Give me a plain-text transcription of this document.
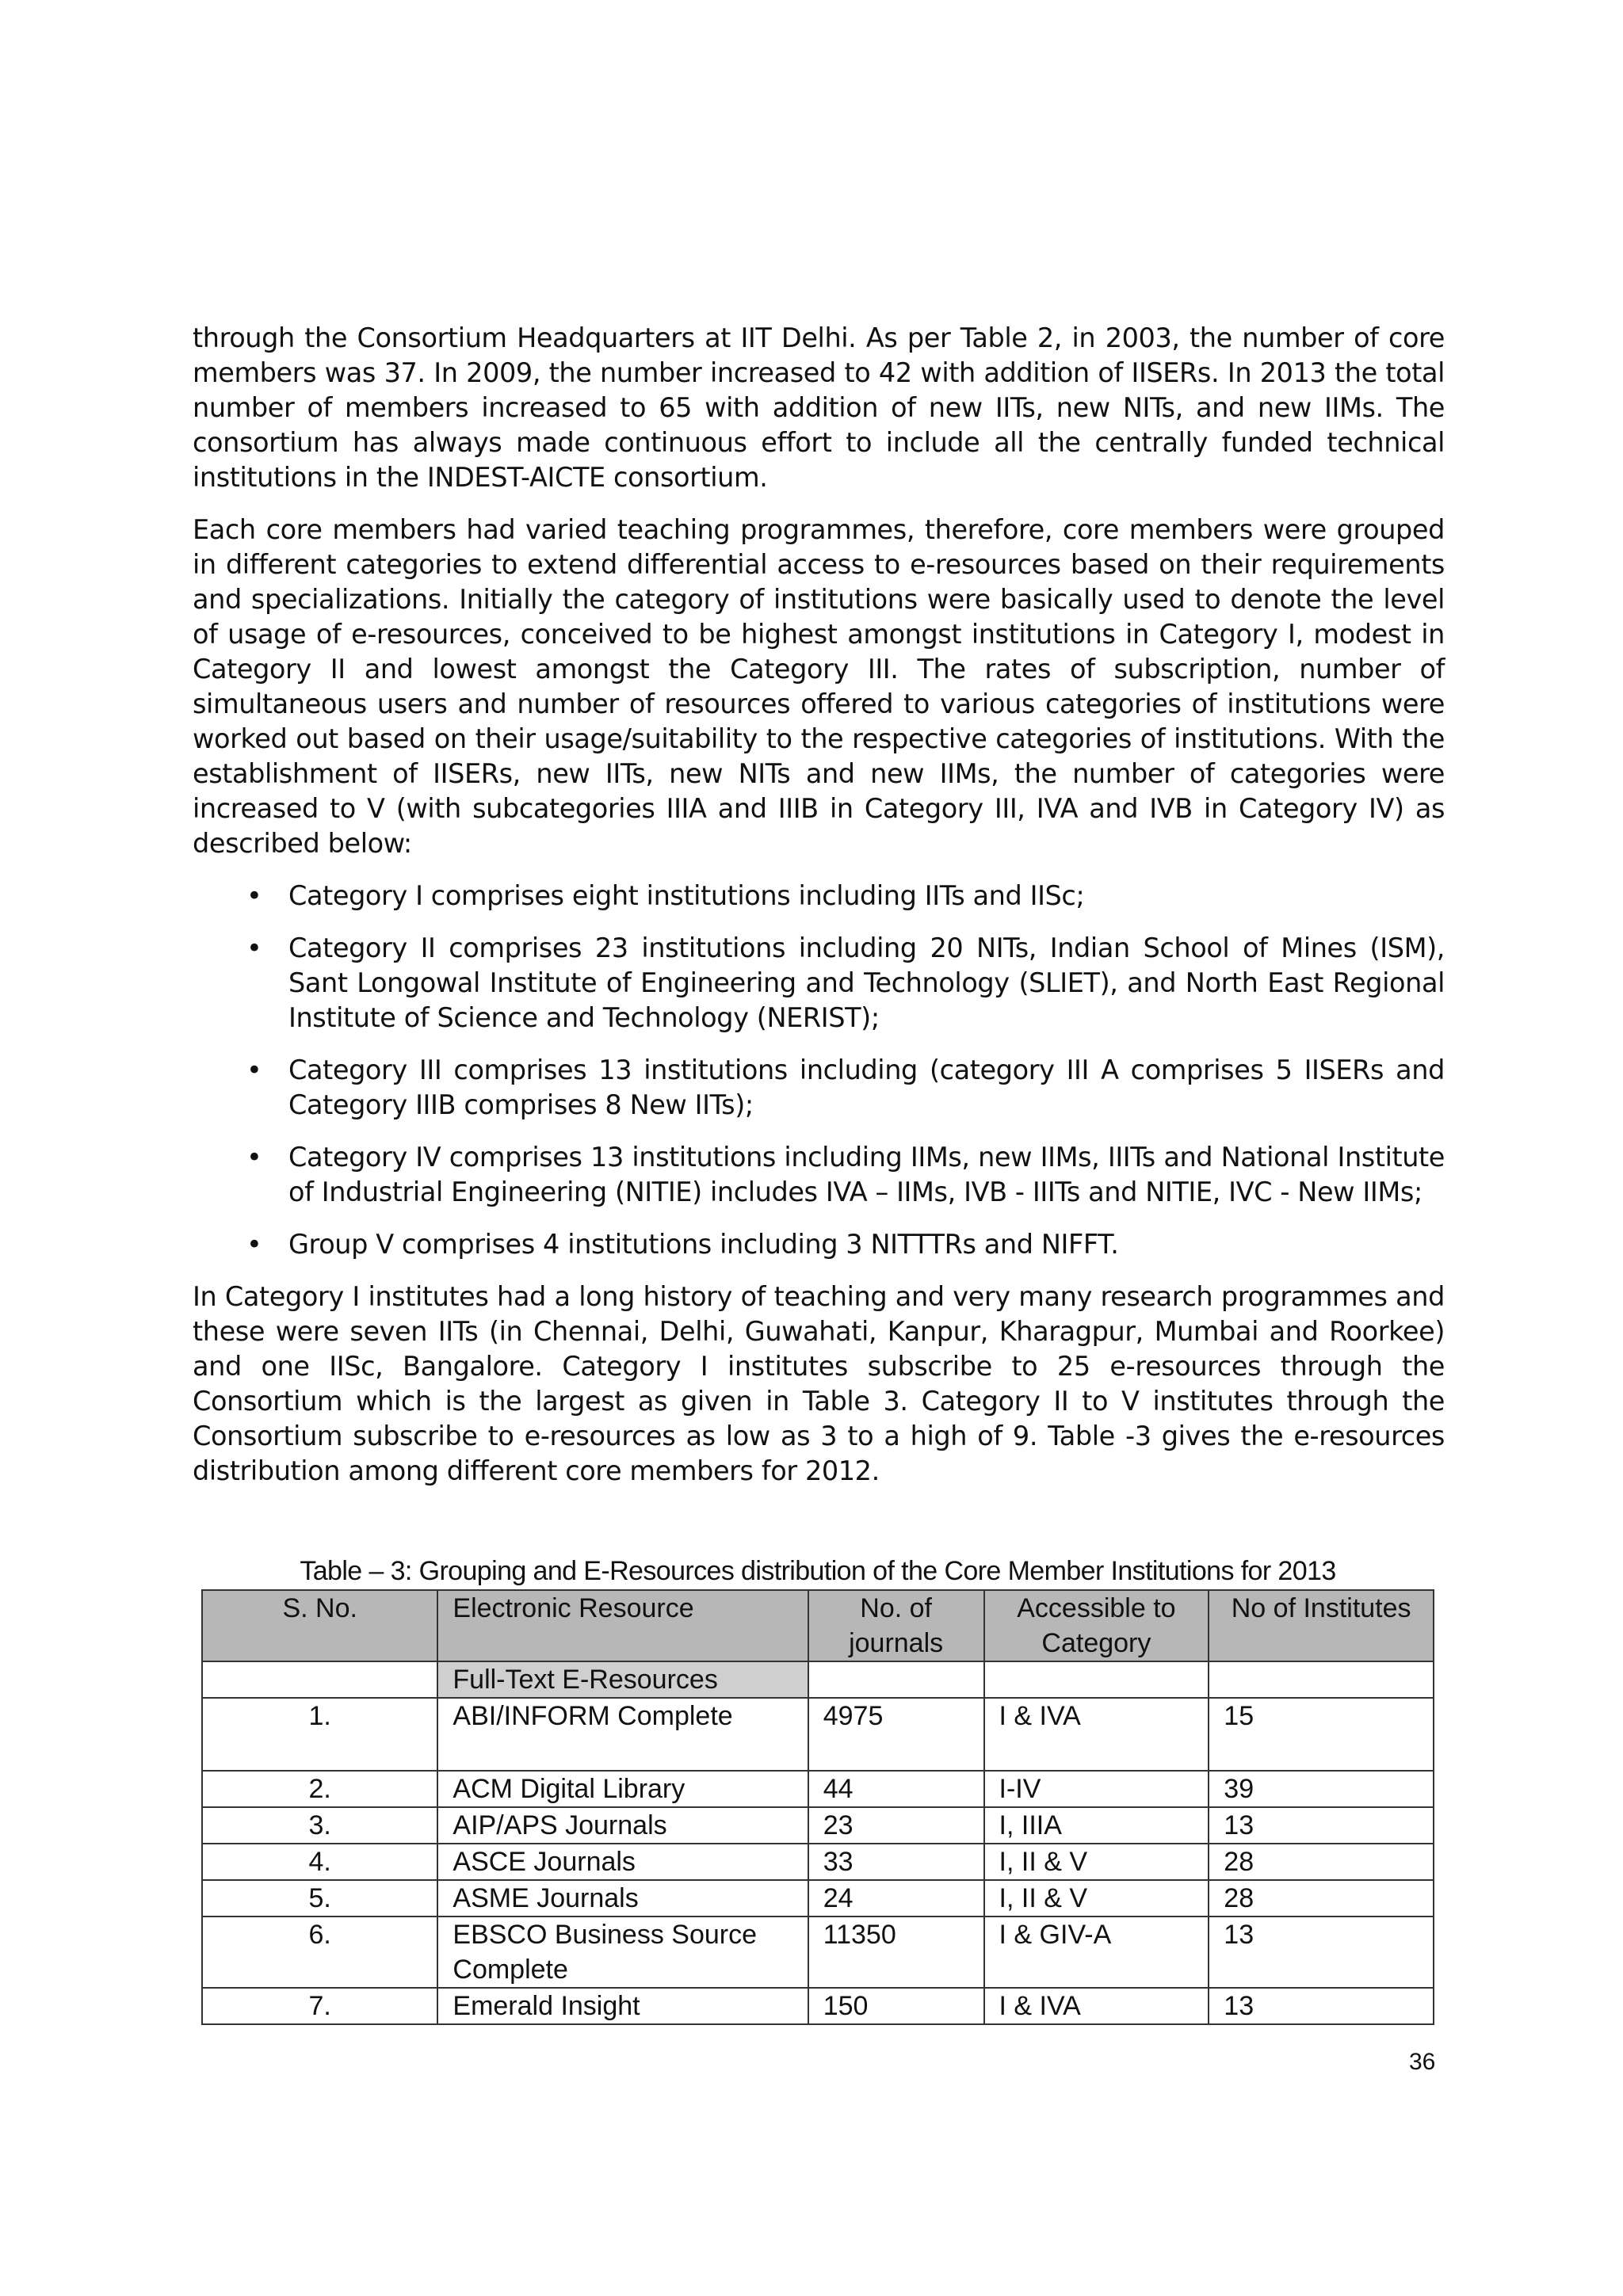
through the Consortium Headquarters at IIT Delhi. As per Table 2, in 2003, the number of core members was 37. In 2009, the number increased to 42 with addition of IISERs. In 2013 the total number of members increased to 65 with addition of new IITs, new NITs, and new IIMs. The consortium has always made continuous effort to include all the centrally funded technical institutions in the INDEST-AICTE consortium.

Each core members had varied teaching programmes, therefore, core members were grouped in different categories to extend differential access to e-resources based on their requirements and specializations. Initially the category of institutions were basically used to denote the level of usage of e-resources, conceived to be highest amongst institutions in Category I, modest in Category II and lowest amongst the Category III. The rates of subscription, number of simultaneous users and number of resources offered to various categories of institutions were worked out based on their usage/suitability to the respective categories of institutions. With the establishment of IISERs, new IITs, new NITs and new IIMs, the number of categories were increased to V (with subcategories IIIA and IIIB in Category III, IVA and IVB in Category IV) as described below:

• Category I comprises eight institutions including IITs and IISc;
• Category II comprises 23 institutions including 20 NITs, Indian School of Mines (ISM), Sant Longowal Institute of Engineering and Technology (SLIET), and North East Regional Institute of Science and Technology (NERIST);
• Category III comprises 13 institutions including (category III A comprises 5 IISERs and Category IIIB comprises 8 New IITs);
• Category IV comprises 13 institutions including IIMs, new IIMs, IIITs and National Institute of Industrial Engineering (NITIE) includes IVA – IIMs, IVB - IIITs and NITIE, IVC - New IIMs;
• Group V comprises 4 institutions including 3 NITTTRs and NIFFT.

In Category I institutes had a long history of teaching and very many research programmes and these were seven IITs (in Chennai, Delhi, Guwahati, Kanpur, Kharagpur, Mumbai and Roorkee) and one IISc, Bangalore. Category I institutes subscribe to 25 e-resources through the Consortium which is the largest as given in Table 3. Category II to V institutes through the Consortium subscribe to e-resources as low as 3 to a high of 9. Table -3 gives the e-resources distribution among different core members for 2012.

Table – 3: Grouping and E-Resources distribution of the Core Member Institutions for 2013
S. No.	Electronic Resource	No. of journals	Accessible to Category	No of Institutes
	Full-Text E-Resources			
1.	ABI/INFORM Complete	4975	I & IVA	15
2.	ACM Digital Library	44	I-IV	39
3.	AIP/APS Journals	23	I, IIIA	13
4.	ASCE Journals	33	I, II & V	28
5.	ASME Journals	24	I, II & V	28
6.	EBSCO Business Source Complete	11350	I & GIV-A	13
7.	Emerald Insight	150	I & IVA	13
36
